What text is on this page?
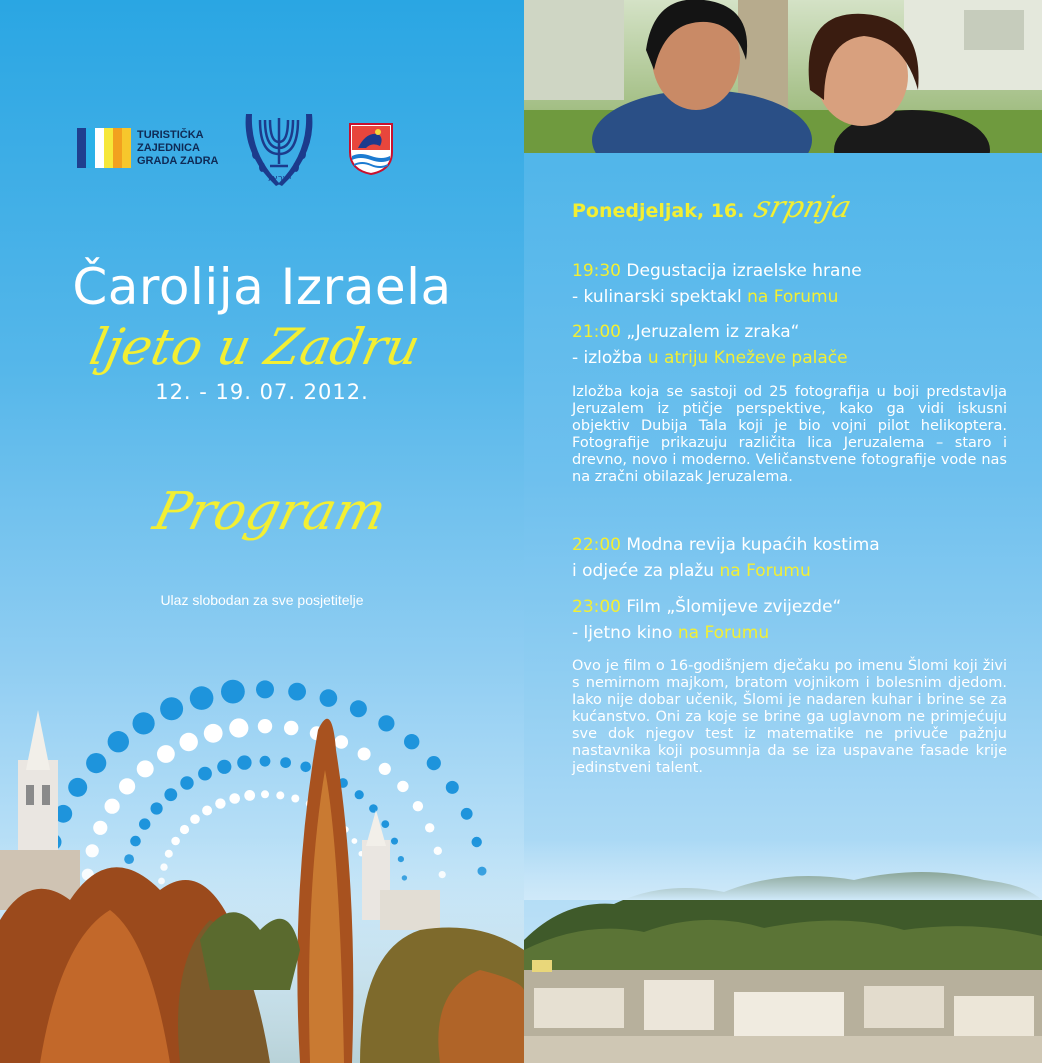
TURISTIČKA
ZAJEDNICA
GRADA ZADRA
ישראל
Čarolija Izraela
ljeto u Zadru
12. - 19. 07. 2012.
Program
Ulaz slobodan za sve posjetitelje
Ponedjeljak, 16. srpnja
19:30 Degustacija izraelske hrane
- kulinarski spektakl na Forumu
21:00 „Jeruzalem iz zraka“
- izložba u atriju Kneževe palače
Izložba koja se sastoji od 25 fotografija u boji predstavlja Jeruzalem iz ptičje perspektive, kako ga vidi iskusni objektiv Dubija Tala koji je bio vojni pilot helikoptera. Fotografije prikazuju različita lica Jeruzalema – staro i drevno, novo i moderno. Veličanstvene fotografije vode nas na zračni obilazak Jeruzalema.
22:00 Modna revija kupaćih kostima
i odjeće za plažu na Forumu
23:00 Film „Šlomijeve zvijezde“
- ljetno kino na Forumu
Ovo je film o 16-godišnjem dječaku po imenu Šlomi koji živi s nemirnom majkom, bratom vojnikom i bolesnim djedom. Iako nije dobar učenik, Šlomi je nadaren kuhar i brine se za kućanstvo. Oni za koje se brine ga uglavnom ne primjećuju sve dok njegov test iz matematike ne privuče pažnju nastavnika koji posumnja da se iza uspavane fasade krije jedinstveni talent.
